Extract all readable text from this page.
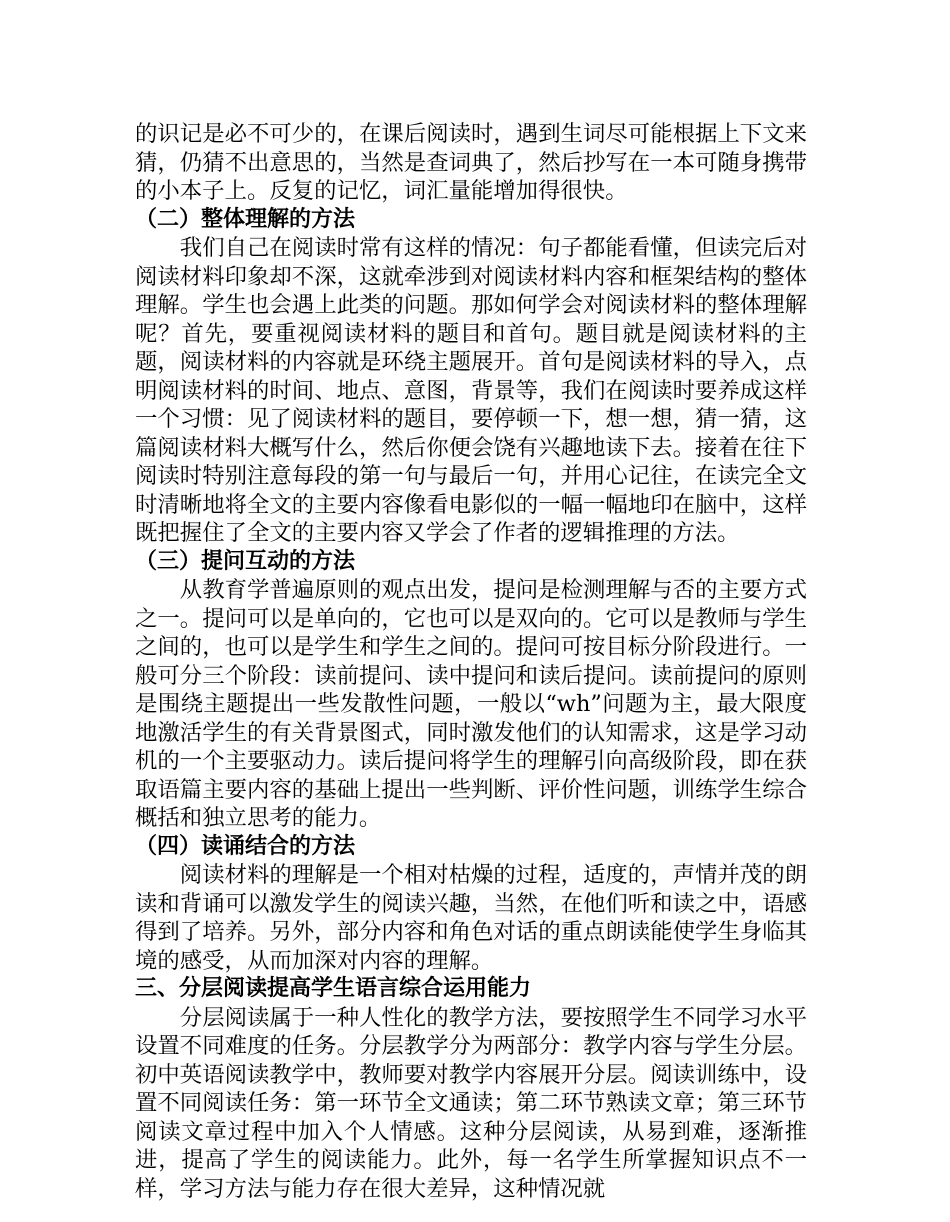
的识记是必不可少的，在课后阅读时，遇到生词尽可能根据上下文来猜，仍猜不出意思的，当然是查词典了，然后抄写在一本可随身携带的小本子上。反复的记忆，词汇量能增加得很快。

（二）整体理解的方法

我们自己在阅读时常有这样的情况：句子都能看懂，但读完后对阅读材料印象却不深，这就牵涉到对阅读材料内容和框架结构的整体理解。学生也会遇上此类的问题。那如何学会对阅读材料的整体理解呢？首先，要重视阅读材料的题目和首句。题目就是阅读材料的主题，阅读材料的内容就是环绕主题展开。首句是阅读材料的导入，点明阅读材料的时间、地点、意图，背景等，我们在阅读时要养成这样一个习惯：见了阅读材料的题目，要停顿一下，想一想，猜一猜，这篇阅读材料大概写什么，然后你便会饶有兴趣地读下去。接着在往下阅读时特别注意每段的第一句与最后一句，并用心记往，在读完全文时清晰地将全文的主要内容像看电影似的一幅一幅地印在脑中，这样既把握住了全文的主要内容又学会了作者的逻辑推理的方法。

（三）提问互动的方法

从教育学普遍原则的观点出发，提问是检测理解与否的主要方式之一。提问可以是单向的，它也可以是双向的。它可以是教师与学生之间的，也可以是学生和学生之间的。提问可按目标分阶段进行。一般可分三个阶段：读前提问、读中提问和读后提问。读前提问的原则是围绕主题提出一些发散性问题，一般以“wh”问题为主，最大限度地激活学生的有关背景图式，同时激发他们的认知需求，这是学习动机的一个主要驱动力。读后提问将学生的理解引向高级阶段，即在获取语篇主要内容的基础上提出一些判断、评价性问题，训练学生综合概括和独立思考的能力。

（四）读诵结合的方法

阅读材料的理解是一个相对枯燥的过程，适度的，声情并茂的朗读和背诵可以激发学生的阅读兴趣，当然，在他们听和读之中，语感得到了培养。另外，部分内容和角色对话的重点朗读能使学生身临其境的感受，从而加深对内容的理解。

三、分层阅读提高学生语言综合运用能力

分层阅读属于一种人性化的教学方法，要按照学生不同学习水平设置不同难度的任务。分层教学分为两部分：教学内容与学生分层。初中英语阅读教学中，教师要对教学内容展开分层。阅读训练中，设置不同阅读任务：第一环节全文通读；第二环节熟读文章；第三环节阅读文章过程中加入个人情感。这种分层阅读，从易到难，逐渐推进，提高了学生的阅读能力。此外，每一名学生所掌握知识点不一样，学习方法与能力存在很大差异，这种情况就
